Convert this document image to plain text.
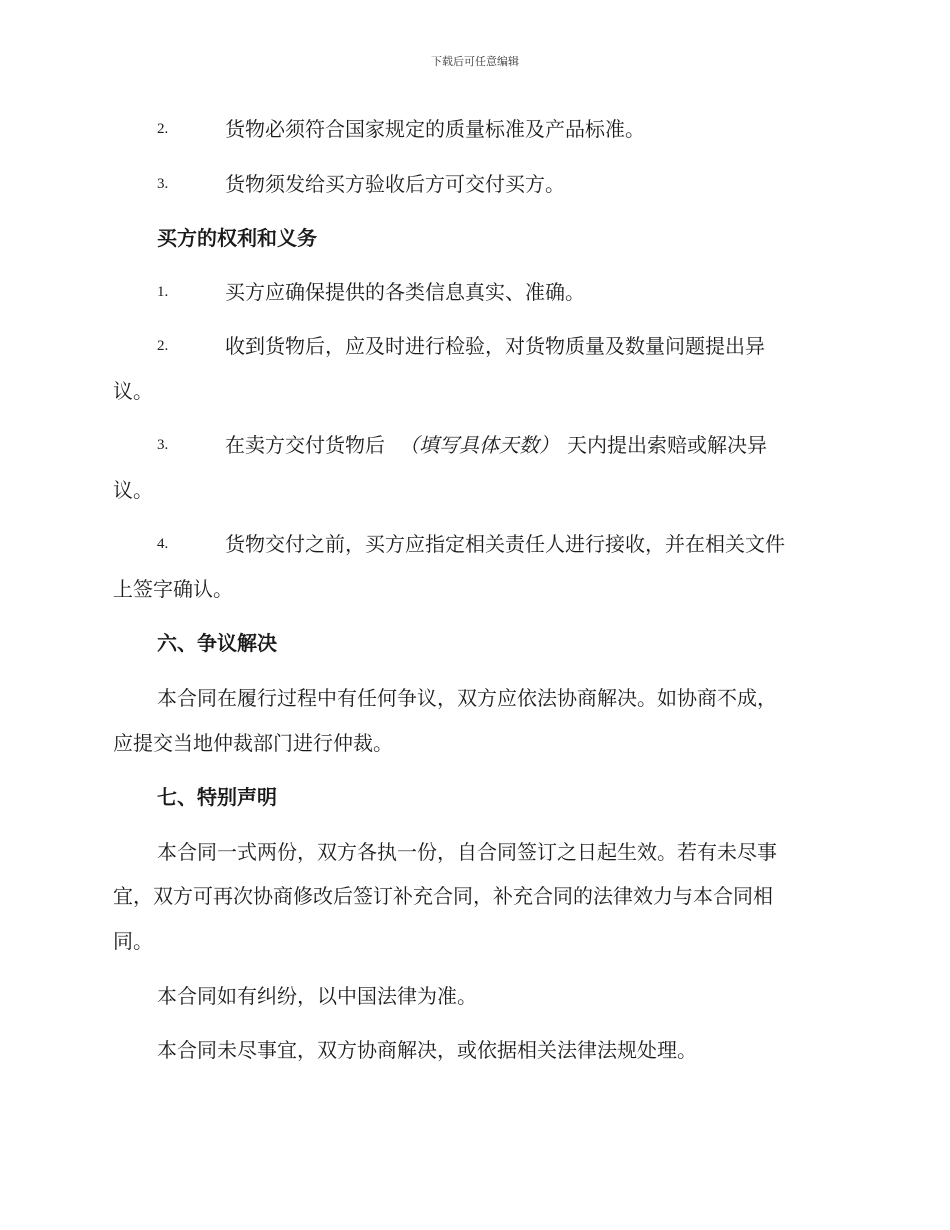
下载后可任意编辑
2.	货物必须符合国家规定的质量标准及产品标准。
3.	货物须发给买方验收后方可交付买方。
买方的权利和义务
1.	买方应确保提供的各类信息真实、准确。
2.	收到货物后，应及时进行检验，对货物质量及数量问题提出异
议。
3.	在卖方交付货物后 （填写具体天数） 天内提出索赔或解决异
议。
4.	货物交付之前，买方应指定相关责任人进行接收，并在相关文件
上签字确认。
六、争议解决
本合同在履行过程中有任何争议，双方应依法协商解决。如协商不成，
应提交当地仲裁部门进行仲裁。
七、特别声明
本合同一式两份，双方各执一份，自合同签订之日起生效。若有未尽事
宜，双方可再次协商修改后签订补充合同，补充合同的法律效力与本合同相
同。
本合同如有纠纷，以中国法律为准。
本合同未尽事宜，双方协商解决，或依据相关法律法规处理。
